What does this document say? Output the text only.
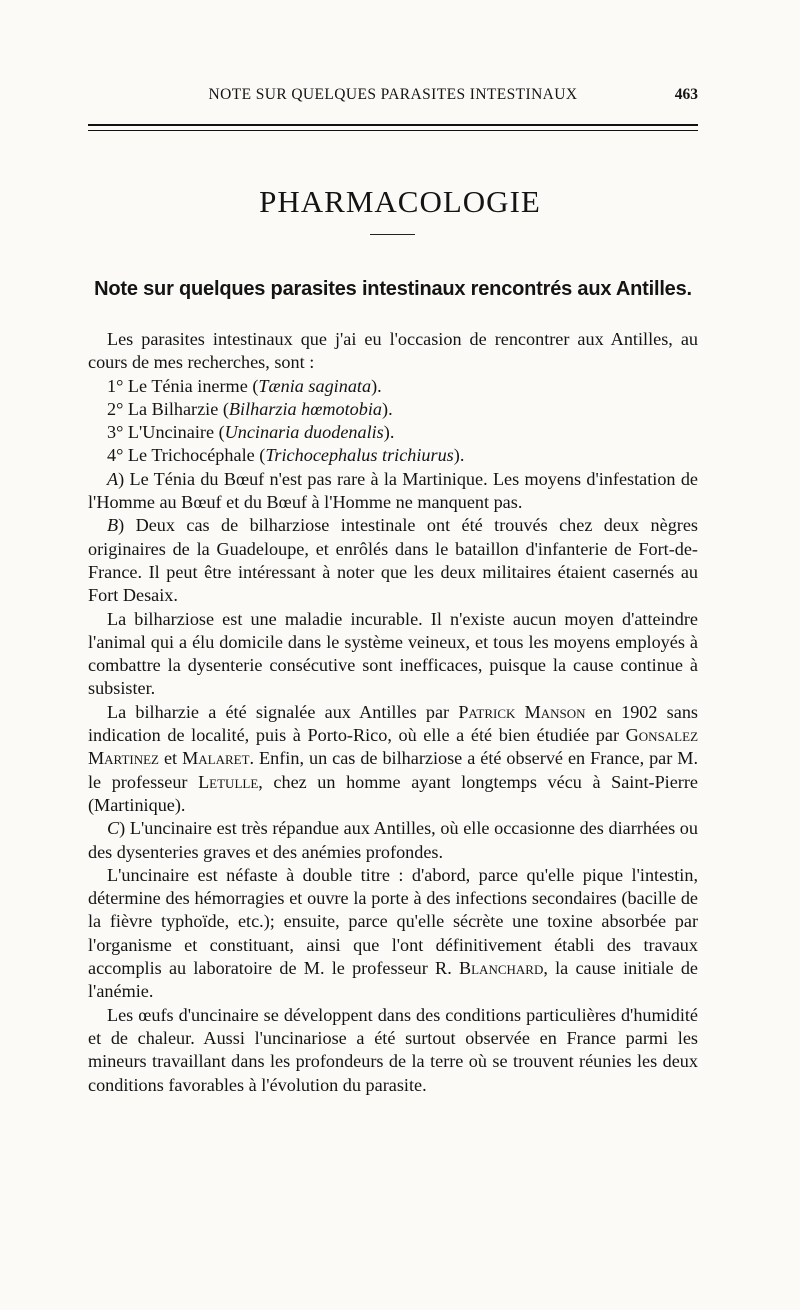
NOTE SUR QUELQUES PARASITES INTESTINAUX	463
PHARMACOLOGIE
Note sur quelques parasites intestinaux rencontrés aux Antilles.

Les parasites intestinaux que j'ai eu l'occasion de rencontrer aux Antilles, au cours de mes recherches, sont :

1° Le Ténia inerme (Tænia saginata).

2° La Bilharzie (Bilharzia hœmotobia).

3° L'Uncinaire (Uncinaria duodenalis).

4° Le Trichocéphale (Trichocephalus trichiurus).

A) Le Ténia du Bœuf n'est pas rare à la Martinique. Les moyens d'infestation de l'Homme au Bœuf et du Bœuf à l'Homme ne manquent pas.

B) Deux cas de bilharziose intestinale ont été trouvés chez deux nègres originaires de la Guadeloupe, et enrôlés dans le bataillon d'infanterie de Fort-de-France. Il peut être intéressant à noter que les deux militaires étaient casernés au Fort Desaix.

La bilharziose est une maladie incurable. Il n'existe aucun moyen d'atteindre l'animal qui a élu domicile dans le système veineux, et tous les moyens employés à combattre la dysenterie consécutive sont inefficaces, puisque la cause continue à subsister.

La bilharzie a été signalée aux Antilles par Patrick Manson en 1902 sans indication de localité, puis à Porto-Rico, où elle a été bien étudiée par Gonsalez Martinez et Malaret. Enfin, un cas de bilharziose a été observé en France, par M. le professeur Letulle, chez un homme ayant longtemps vécu à Saint-Pierre (Martinique).

C) L'uncinaire est très répandue aux Antilles, où elle occasionne des diarrhées ou des dysenteries graves et des anémies profondes.

L'uncinaire est néfaste à double titre : d'abord, parce qu'elle pique l'intestin, détermine des hémorragies et ouvre la porte à des infections secondaires (bacille de la fièvre typhoïde, etc.); ensuite, parce qu'elle sécrète une toxine absorbée par l'organisme et constituant, ainsi que l'ont définitivement établi des travaux accomplis au laboratoire de M. le professeur R. Blanchard, la cause initiale de l'anémie.

Les œufs d'uncinaire se développent dans des conditions particulières d'humidité et de chaleur. Aussi l'uncinariose a été surtout observée en France parmi les mineurs travaillant dans les profondeurs de la terre où se trouvent réunies les deux conditions favorables à l'évolution du parasite.
